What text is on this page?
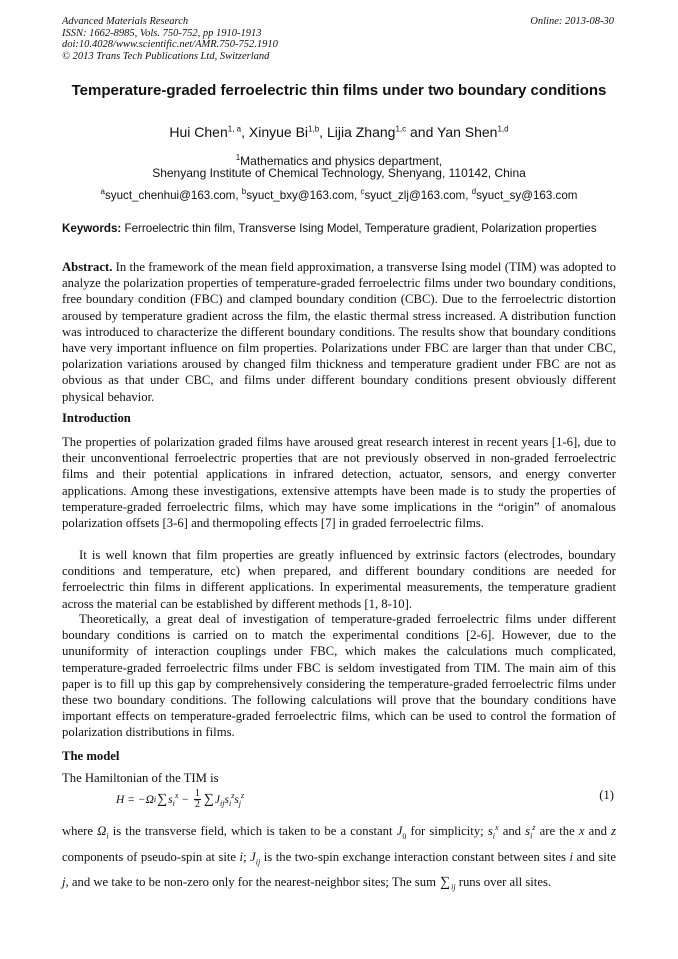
Advanced Materials Research
ISSN: 1662-8985, Vols. 750-752, pp 1910-1913
doi:10.4028/www.scientific.net/AMR.750-752.1910
© 2013 Trans Tech Publications Ltd, Switzerland
Online: 2013-08-30
Temperature-graded ferroelectric thin films under two boundary conditions
Hui Chen$^{1, a}$, Xinyue Bi$^{1,b}$, Lijia Zhang$^{1,c}$ and Yan Shen$^{1,d}$
$^1$Mathematics and physics department,
Shenyang Institute of Chemical Technology, Shenyang, 110142, China
$^a$syuct_chenhui@163.com, $^b$syuct_bxy@163.com, $^c$syuct_zlj@163.com, $^d$syuct_sy@163.com
Keywords: Ferroelectric thin film, Transverse Ising Model, Temperature gradient, Polarization properties
Abstract. In the framework of the mean field approximation, a transverse Ising model (TIM) was adopted to analyze the polarization properties of temperature-graded ferroelectric films under two boundary conditions, free boundary condition (FBC) and clamped boundary condition (CBC). Due to the ferroelectric distortion aroused by temperature gradient across the film, the elastic thermal stress increased. A distribution function was introduced to characterize the different boundary conditions. The results show that boundary conditions have very important influence on film properties. Polarizations under FBC are larger than that under CBC, polarization variations aroused by changed film thickness and temperature gradient under FBC are not as obvious as that under CBC, and films under different boundary conditions present obviously different physical behavior.
Introduction
The properties of polarization graded films have aroused great research interest in recent years [1-6], due to their unconventional ferroelectric properties that are not previously observed in non-graded ferroelectric films and their potential applications in infrared detection, actuator, sensors, and energy converter applications. Among these investigations, extensive attempts have been made is to study the properties of temperature-graded ferroelectric films, which may have some implications in the “origin” of anomalous polarization offsets [3-6] and thermopoling effects [7] in graded ferroelectric films.
It is well known that film properties are greatly influenced by extrinsic factors (electrodes, boundary conditions and temperature, etc) when prepared, and different boundary conditions are needed for ferroelectric thin films in different applications. In experimental measurements, the temperature gradient across the material can be established by different methods [1, 8-10].
Theoretically, a great deal of investigation of temperature-graded ferroelectric films under different boundary conditions is carried on to match the experimental conditions [2-6]. However, due to the ununiformity of interaction couplings under FBC, which makes the calculations much complicated, temperature-graded ferroelectric films under FBC is seldom investigated from TIM. The main aim of this paper is to fill up this gap by comprehensively considering the temperature-graded ferroelectric films under these two boundary conditions. The following calculations will prove that the boundary conditions have important effects on temperature-graded ferroelectric films, which can be used to control the formation of polarization distributions in films.
The model
The Hamiltonian of the TIM is
H = −Ω i ∑ $s_i^x - \frac{1}{2}$ ∑ $J_{ij}s_i^zs_j^z$	(1)
where $\Omega_i$ is the transverse field, which is taken to be a constant $J_0$ for simplicity; $s_i^x$ and $s_i^z$ are the x and z components of pseudo-spin at site i; $J_{ij}$ is the two-spin exchange interaction constant between sites i and site j, and we take to be non-zero only for the nearest-neighbor sites; The sum $\sum_{ij}$ runs over all sites.
